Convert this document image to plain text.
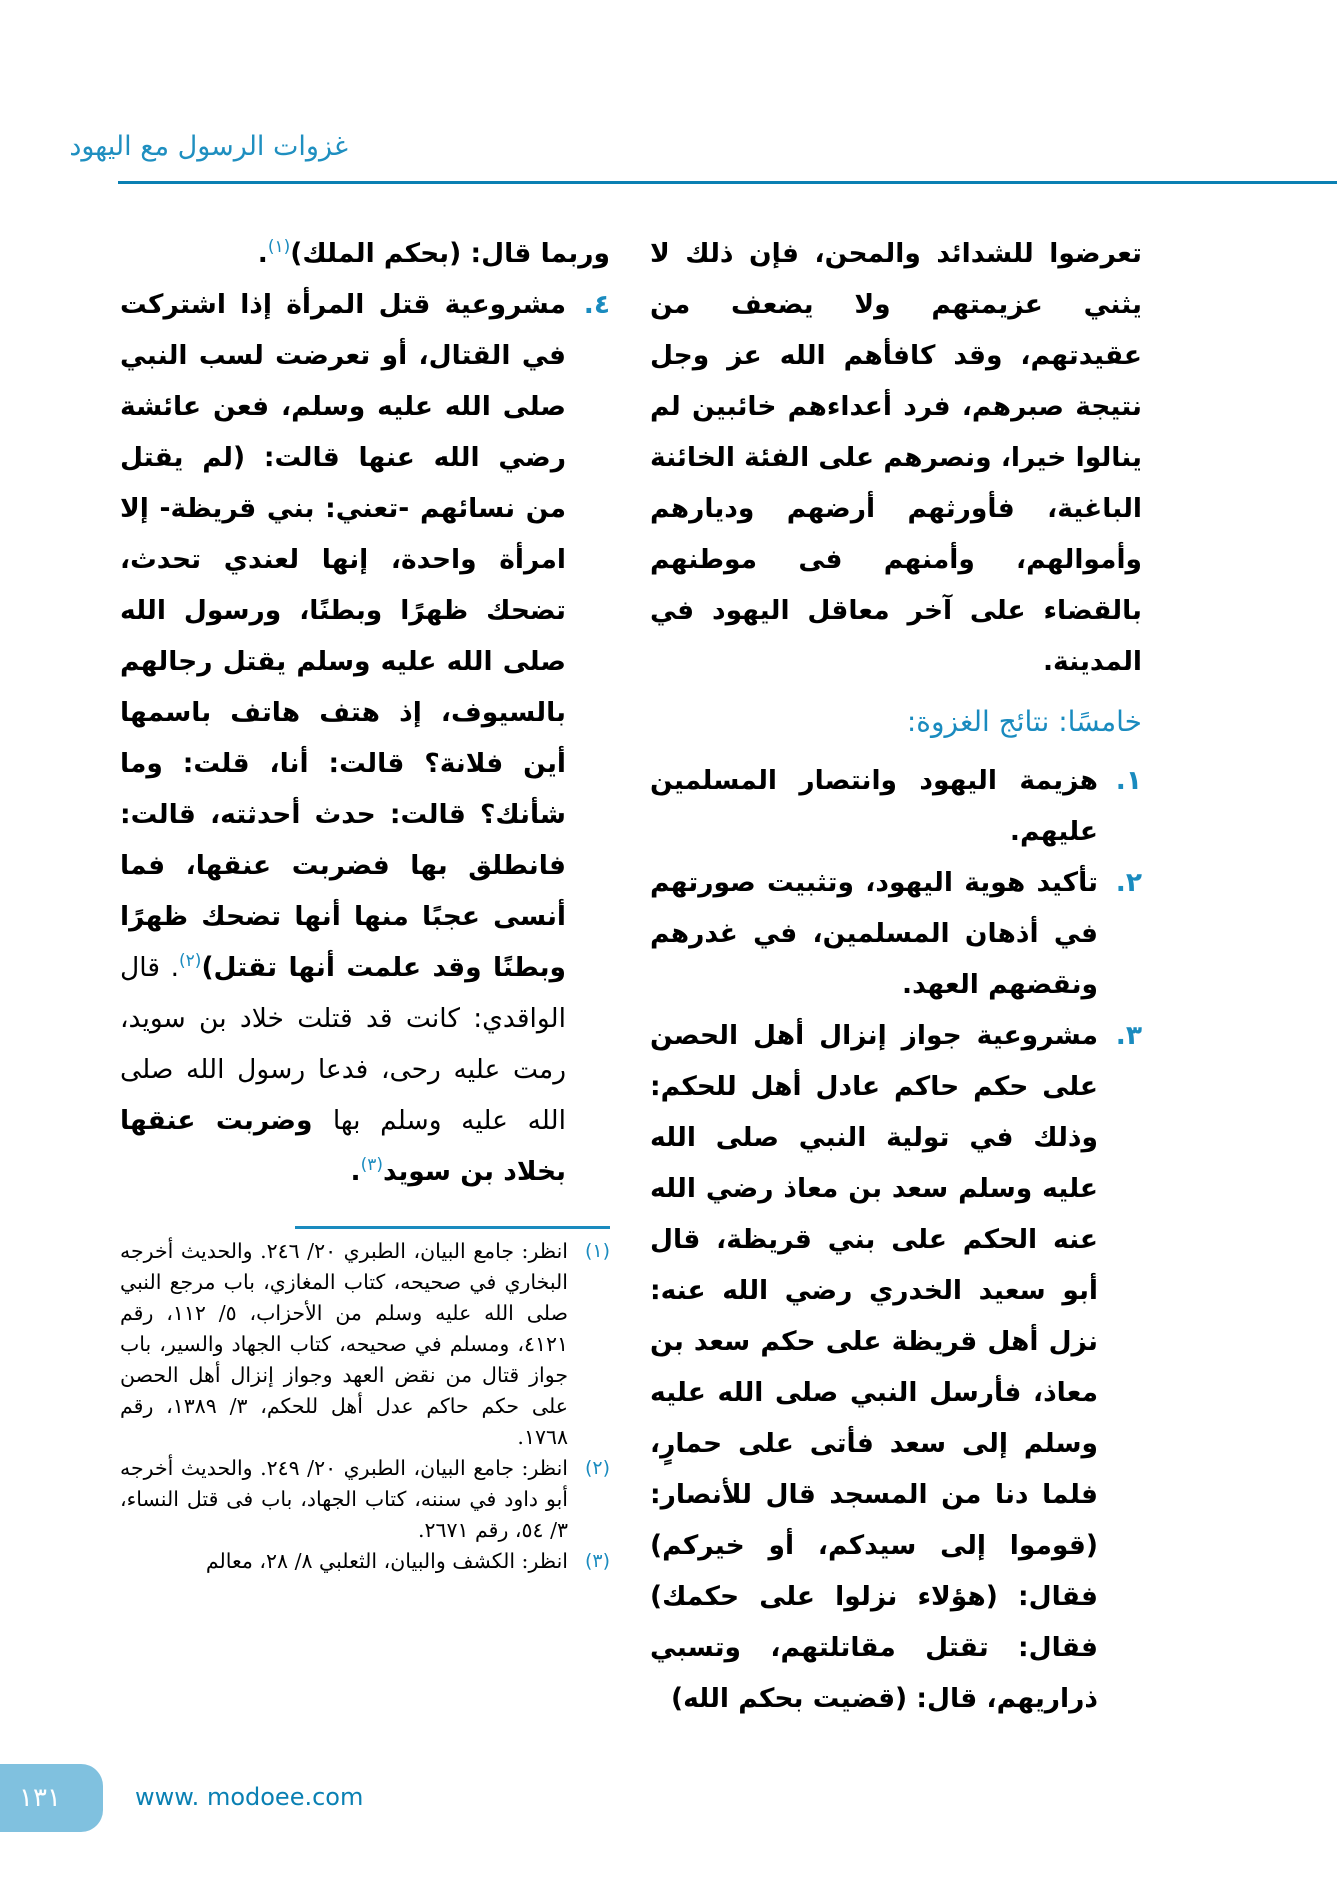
غزوات الرسول مع اليهود

تعرضوا للشدائد والمحن، فإن ذلك لا يثني عزيمتهم ولا يضعف من عقيدتهم، وقد كافأهم الله عز وجل نتيجة صبرهم، فرد أعداءهم خائبين لم ينالوا خيرا، ونصرهم على الفئة الخائنة الباغية، فأورثهم أرضهم وديارهم وأموالهم، وأمنهم فى موطنهم بالقضاء على آخر معاقل اليهود في المدينة.

خامسًا: نتائج الغزوة:
١.
هزيمة اليهود وانتصار المسلمين عليهم.
٢.
تأكيد هوية اليهود، وتثبيت صورتهم في أذهان المسلمين، في غدرهم ونقضهم العهد.
٣.
مشروعية جواز إنزال أهل الحصن على حكم حاكم عادل أهل للحكم: وذلك في تولية النبي صلى الله عليه وسلم سعد بن معاذ رضي الله عنه الحكم على بني قريظة، قال أبو سعيد الخدري رضي الله عنه: نزل أهل قريظة على حكم سعد بن معاذ، فأرسل النبي صلى الله عليه وسلم إلى سعد فأتى على حمارٍ، فلما دنا من المسجد قال للأنصار: (قوموا إلى سيدكم، أو خيركم) فقال: (هؤلاء نزلوا على حكمك) فقال: تقتل مقاتلتهم، وتسبي ذراريهم، قال: (قضيت بحكم الله)

وربما قال: (بحكم الملك)$^{(١)}$.

٤.
مشروعية قتل المرأة إذا اشتركت في القتال، أو تعرضت لسب النبي صلى الله عليه وسلم، فعن عائشة رضي الله عنها قالت: (لم يقتل من نسائهم -تعني: بني قريظة- إلا امرأة واحدة، إنها لعندي تحدث، تضحك ظهرًا وبطنًا، ورسول الله صلى الله عليه وسلم يقتل رجالهم بالسيوف، إذ هتف هاتف باسمها أين فلانة؟ قالت: أنا، قلت: وما شأنك؟ قالت: حدث أحدثته، قالت: فانطلق بها فضربت عنقها، فما أنسى عجبًا منها أنها تضحك ظهرًا وبطنًا وقد علمت أنها تقتل)$^{(٢)}$. قال الواقدي: كانت قد قتلت خلاد بن سويد، رمت عليه رحى، فدعا رسول الله صلى الله عليه وسلم بها وضربت عنقها بخلاد بن سويد$^{(٣)}$.

(١)
انظر: جامع البيان، الطبري ٢٠/ ٢٤٦. والحديث أخرجه البخاري في صحيحه، كتاب المغازي، باب مرجع النبي صلى الله عليه وسلم من الأحزاب، ٥/ ١١٢، رقم ٤١٢١، ومسلم في صحيحه، كتاب الجهاد والسير، باب جواز قتال من نقض العهد وجواز إنزال أهل الحصن على حكم حاكم عدل أهل للحكم، ٣/ ١٣٨٩، رقم ١٧٦٨.

(٢)
انظر: جامع البيان، الطبري ٢٠/ ٢٤٩. والحديث أخرجه أبو داود في سننه، كتاب الجهاد، باب فى قتل النساء، ٣/ ٥٤، رقم ٢٦٧١.

(٣)
انظر: الكشف والبيان، الثعلبي ٨/ ٢٨، معالم

١٣١	www. modoee.com
